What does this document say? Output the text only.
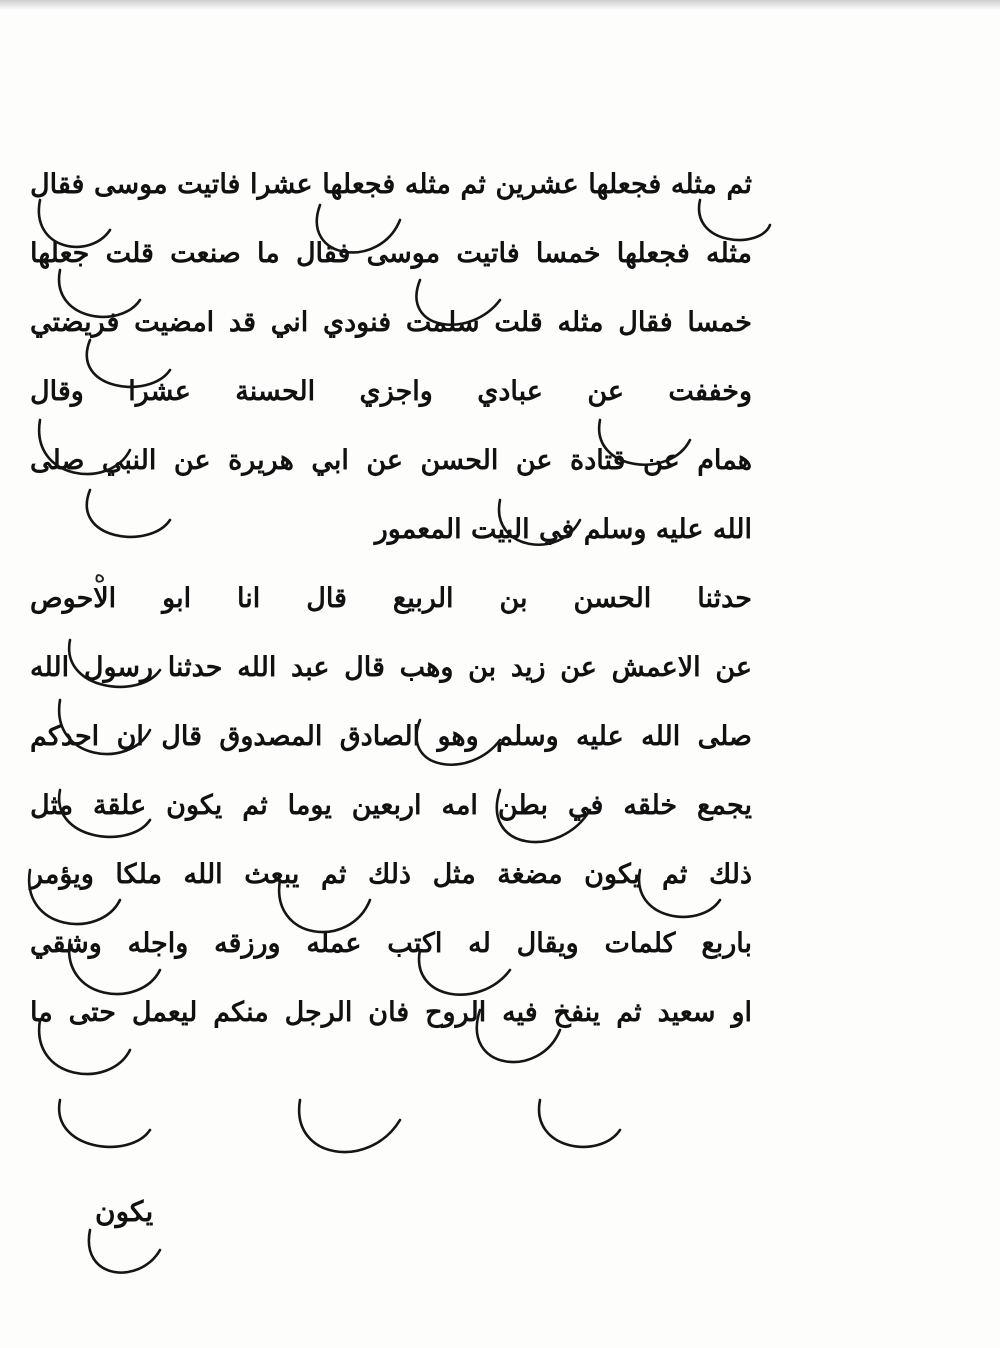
ثم مثله فجعلها عشرين ثم مثله فجعلها عشرا فاتيت موسى فقال
مثله فجعلها خمسا فاتيت موسى فقال ما صنعت قلت جعلها
خمسا فقال مثله قلت سلمت فنودي اني قد امضيت فريضتي
وخففت عن عبادي واجزي الحسنة عشرا وقال
همام عن قتادة عن الحسن عن ابي هريرة عن النبي صلى
الله عليه وسلم في البيت المعمور
حدثنا الحسن بن الربيع قال انا ابو الاحوص
عن الاعمش عن زيد بن وهب قال عبد الله حدثنا رسول الله
صلى الله عليه وسلم وهو الصادق المصدوق قال ان احدكم
يجمع خلقه في بطن امه اربعين يوما ثم يكون علقة مثل
ذلك ثم يكون مضغة مثل ذلك ثم يبعث الله ملكا ويؤمر
باربع كلمات ويقال له اكتب عمله ورزقه واجله وشقي
او سعيد ثم ينفخ فيه الروح فان الرجل منكم ليعمل حتى ما
ه
يكون
